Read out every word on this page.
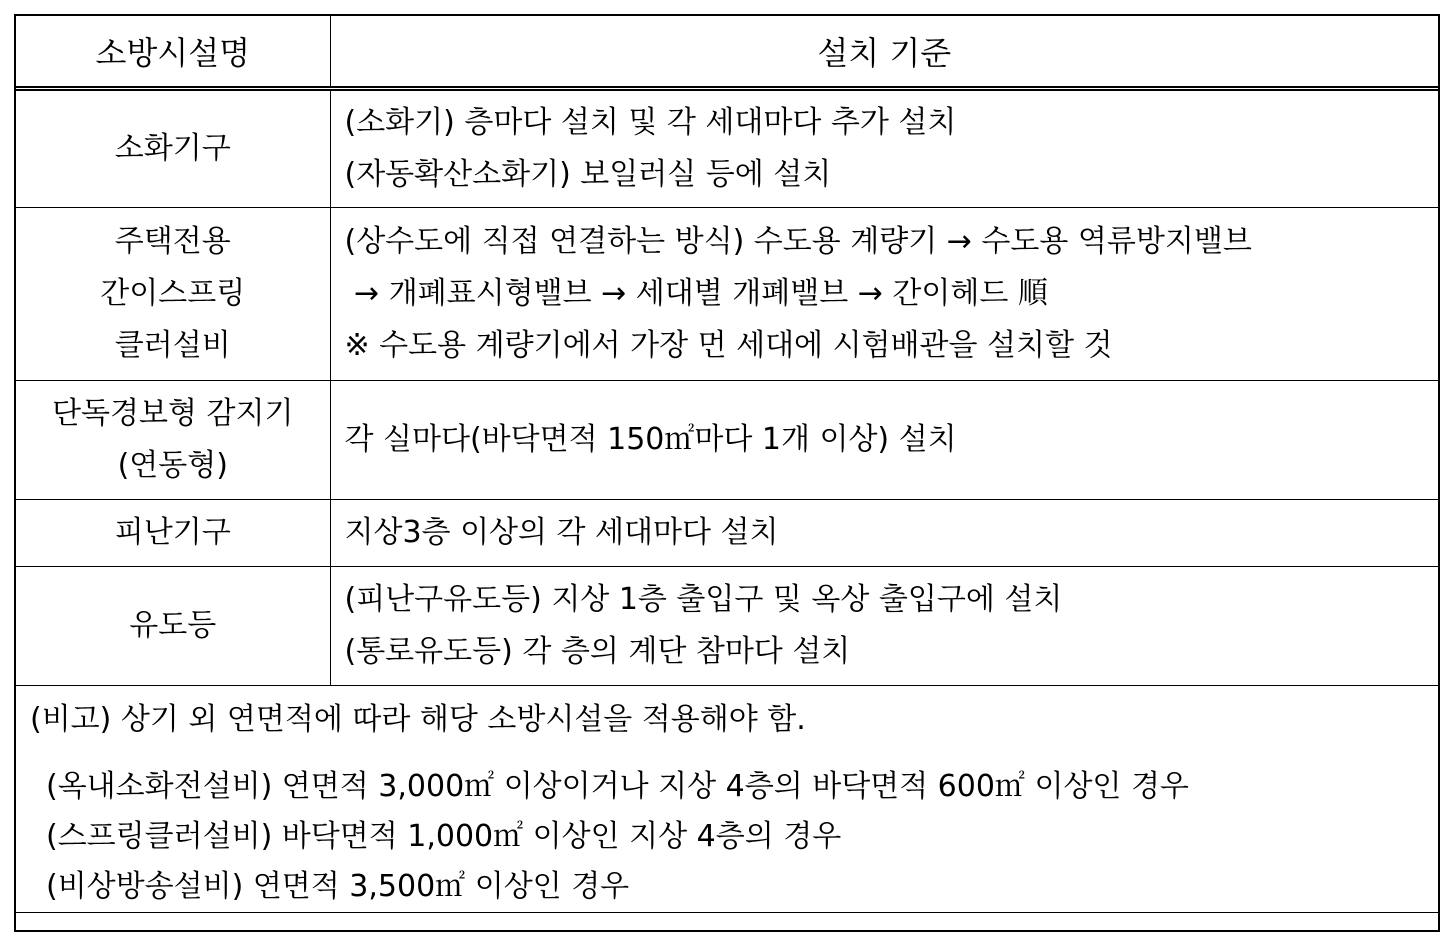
소방시설명	설치 기준
소화기구	(소화기) 층마다 설치 및 각 세대마다 추가 설치
(자동확산소화기) 보일러실 등에 설치

주택전용
간이스프링
클러설비	(상수도에 직접 연결하는 방식) 수도용 계량기 → 수도용 역류방지밸브
→ 개폐표시형밸브 → 세대별 개폐밸브 → 간이헤드 順
※ 수도용 계량기에서 가장 먼 세대에 시험배관을 설치할 것

단독경보형 감지기
(연동형)	각 실마다(바닥면적 150㎡마다 1개 이상) 설치

피난기구	지상3층 이상의 각 세대마다 설치

유도등	(피난구유도등) 지상 1층 출입구 및 옥상 출입구에 설치
(통로유도등) 각 층의 계단 참마다 설치

(비고) 상기 외 연면적에 따라 해당 소방시설을 적용해야 함.
(옥내소화전설비) 연면적 3,000㎡ 이상이거나 지상 4층의 바닥면적 600㎡ 이상인 경우
(스프링클러설비) 바닥면적 1,000㎡ 이상인 지상 4층의 경우
(비상방송설비) 연면적 3,500㎡ 이상인 경우	
